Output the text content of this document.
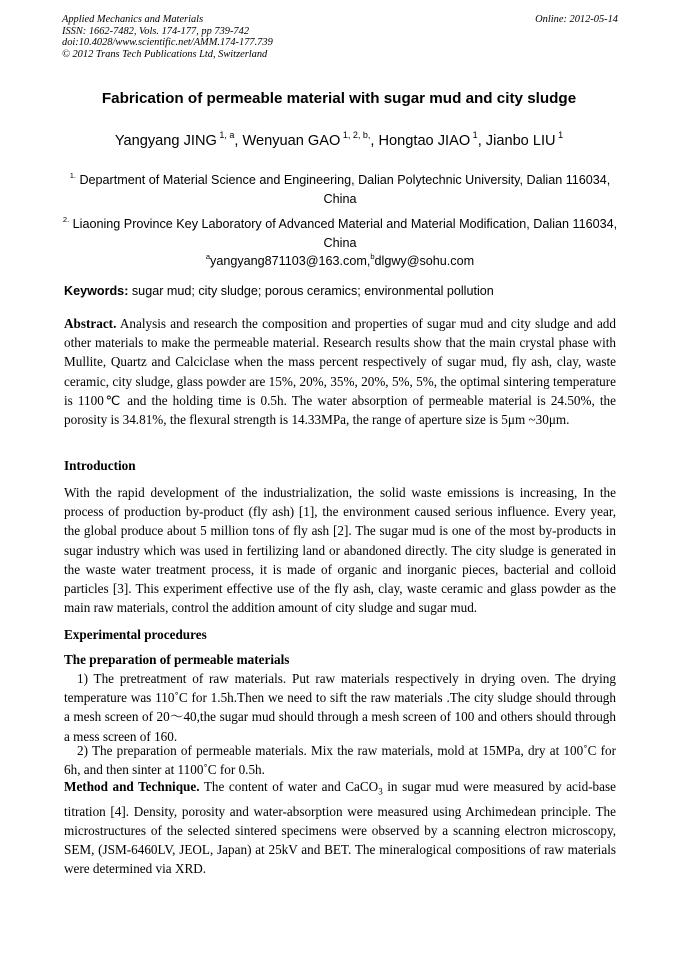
Applied Mechanics and Materials
ISSN: 1662-7482, Vols. 174-177, pp 739-742
doi:10.4028/www.scientific.net/AMM.174-177.739
© 2012 Trans Tech Publications Ltd, Switzerland
Online: 2012-05-14
Fabrication of permeable material with sugar mud and city sludge
Yangyang JING $^{1, a}$, Wenyuan GAO $^{1, 2, b,}$, Hongtao JIAO $^1$, Jianbo LIU $^1$
$^{1.}$ Department of Material Science and Engineering, Dalian Polytechnic University, Dalian 116034, China
$^{2.}$ Liaoning Province Key Laboratory of Advanced Material and Material Modification, Dalian 116034, China
$^a$yangyang871103@163.com,$^b$dlgwy@sohu.com
Keywords: sugar mud; city sludge; porous ceramics; environmental pollution
Abstract. Analysis and research the composition and properties of sugar mud and city sludge and add other materials to make the permeable material. Research results show that the main crystal phase with Mullite, Quartz and Calciclase when the mass percent respectively of sugar mud, fly ash, clay, waste ceramic, city sludge, glass powder are 15%, 20%, 35%, 20%, 5%, 5%, the optimal sintering temperature is 1100℃ and the holding time is 0.5h. The water absorption of permeable material is 24.50%, the porosity is 34.81%, the flexural strength is 14.33MPa, the range of aperture size is 5μm ~30μm.
Introduction
With the rapid development of the industrialization, the solid waste emissions is increasing, In the process of production by-product (fly ash) [1], the environment caused serious influence. Every year, the global produce about 5 million tons of fly ash [2]. The sugar mud is one of the most by-products in sugar industry which was used in fertilizing land or abandoned directly. The city sludge is generated in the waste water treatment process, it is made of organic and inorganic pieces, bacterial and colloid particles [3]. This experiment effective use of the fly ash, clay, waste ceramic and glass powder as the main raw materials, control the addition amount of city sludge and sugar mud.
Experimental procedures
The preparation of permeable materials
1) The pretreatment of raw materials. Put raw materials respectively in drying oven. The drying temperature was 110˚C for 1.5h.Then we need to sift the raw materials .The city sludge should through a mesh screen of 20～40,the sugar mud should through a mesh screen of 100 and others should through a mess screen of 160.
2) The preparation of permeable materials. Mix the raw materials, mold at 15MPa, dry at 100˚C for 6h, and then sinter at 1100˚C for 0.5h.
Method and Technique. The content of water and CaCO$_3$ in sugar mud were measured by acid-base titration [4]. Density, porosity and water-absorption were measured using Archimedean principle. The microstructures of the selected sintered specimens were observed by a scanning electron microscopy, SEM, (JSM-6460LV, JEOL, Japan) at 25kV and BET. The mineralogical compositions of raw materials were determined via XRD.
